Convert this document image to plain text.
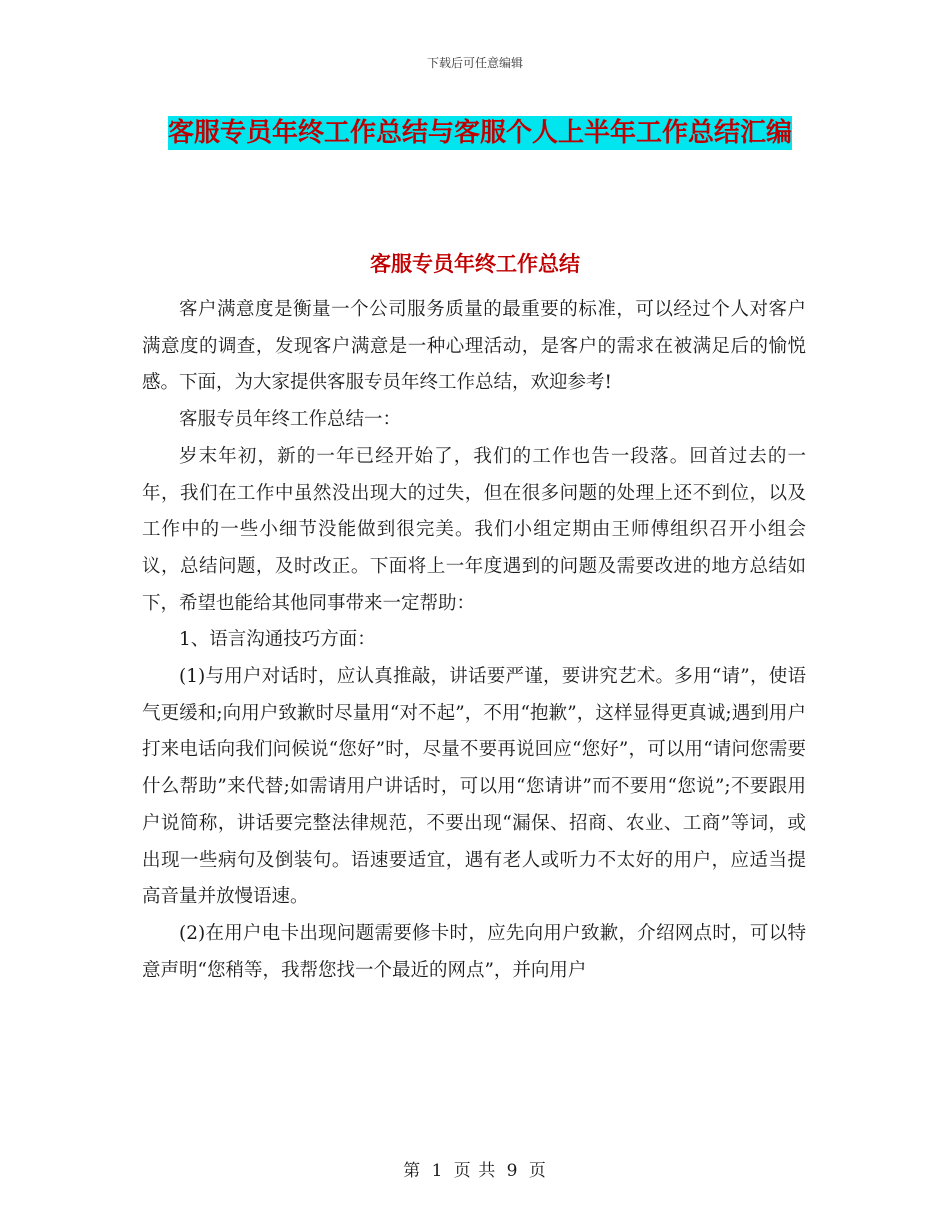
下载后可任意编辑
客服专员年终工作总结与客服个人上半年工作总结汇编
客服专员年终工作总结

客户满意度是衡量一个公司服务质量的最重要的标准，可以经过个人对客户满意度的调查，发现客户满意是一种心理活动，是客户的需求在被满足后的愉悦感。下面，为大家提供客服专员年终工作总结，欢迎参考!

客服专员年终工作总结一：

岁末年初，新的一年已经开始了，我们的工作也告一段落。回首过去的一年，我们在工作中虽然没出现大的过失，但在很多问题的处理上还不到位，以及工作中的一些小细节没能做到很完美。我们小组定期由王师傅组织召开小组会议，总结问题，及时改正。下面将上一年度遇到的问题及需要改进的地方总结如下，希望也能给其他同事带来一定帮助：

1、语言沟通技巧方面：

(1)与用户对话时，应认真推敲，讲话要严谨，要讲究艺术。多用“请”，使语气更缓和;向用户致歉时尽量用“对不起”，不用“抱歉”，这样显得更真诚;遇到用户打来电话向我们问候说“您好”时，尽量不要再说回应“您好”，可以用“请问您需要什么帮助”来代替;如需请用户讲话时，可以用“您请讲”而不要用“您说”;不要跟用户说简称，讲话要完整法律规范，不要出现“漏保、招商、农业、工商”等词，或出现一些病句及倒装句。语速要适宜，遇有老人或听力不太好的用户，应适当提高音量并放慢语速。

(2)在用户电卡出现问题需要修卡时，应先向用户致歉，介绍网点时，可以特意声明“您稍等，我帮您找一个最近的网点”，并向用户

第 1 页 共 9 页
